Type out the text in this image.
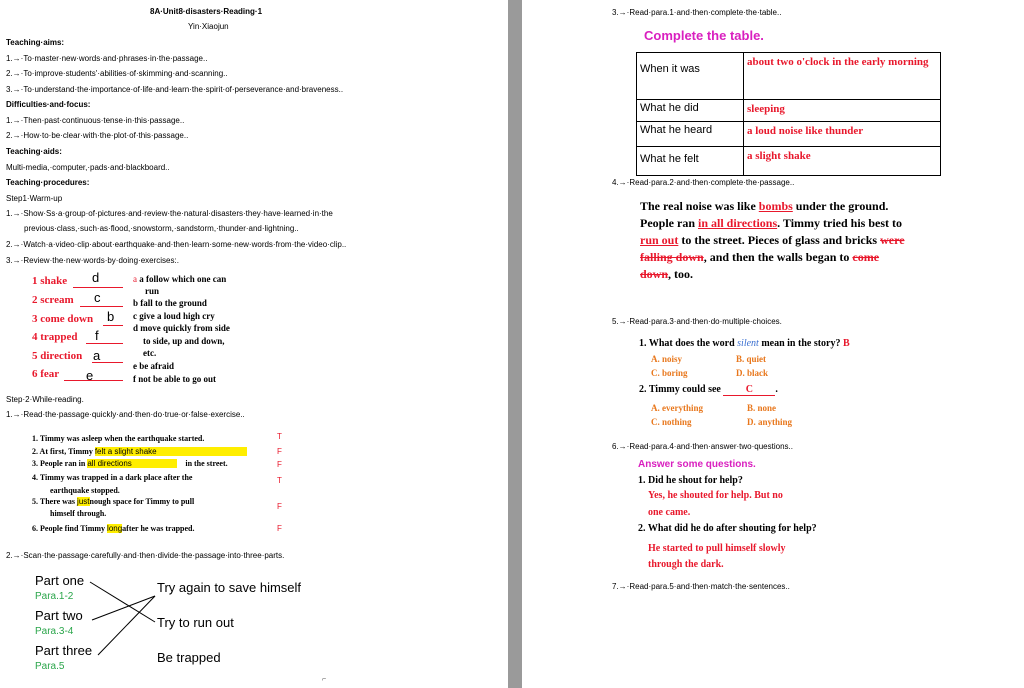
8A·Unit8·disasters·Reading·1
Yin·Xiaojun
Teaching·aims:
1.→·To·master·new·words·and·phrases·in·the·passage..
2.→·To·improve·students'·abilities·of·skimming·and·scanning..
3.→·To·understand·the·importance·of·life·and·learn·the·spirit·of·perseverance·and·braveness..
Difficulties·and·focus:
1.→·Then·past·continuous·tense·in·this·passage..
2.→·How·to·be·clear·with·the·plot·of·this·passage..
Teaching·aids:
Multi-media,·computer,·pads·and·blackboard..
Teaching·procedures:
Step1·Warm-up
1.→·Show·Ss·a·group·of·pictures·and·review·the·natural·disasters·they·have·learned·in·the
previous·class,·such·as·flood,·snowstorm,·sandstorm,·thunder·and·lightning..
2.→·Watch·a·video·clip·about·earthquake·and·then·learn·some·new·words·from·the·video·clip..
3.→·Review·the·new·words·by·doing·exercises:.
1 shake d
2 scream c
3 come down b
4 trapped f
5 direction a
6 fear e
a a follow which one can
run
b fall to the ground
c give a loud high cry
d move quickly from side
to side, up and down,
etc.
e be afraid
f not be able to go out
Step·2·While-reading.
1.→·Read·the·passage·quickly·and·then·do·true·or·false·exercise..
1. Timmy was asleep when the earthquake started.	T
2. At first, Timmy felt a slight shake	F
3. People ran in all directions	in the street.	F
4. Timmy was trapped in a dark place after the	T
earthquake stopped.
5. There was justnough space for Timmy to pull
F
himself through.
6. People find Timmy longafter he was trapped.	F
2.→·Scan·the·passage·carefully·and·then·divide·the·passage·into·three·parts.
Part one
Para.1-2
Part two
Para.3-4
Part three
Para.5
Try again to save himself
Try to run out
Be trapped
⌐
3.→·Read·para.1·and·then·complete·the·table..
Complete the table.
When it was	about two o'clock in the early morning
What he did	sleeping
What he heard	a loud noise like thunder
What he felt	a slight shake
4.→·Read·para.2·and·then·complete·the·passage..
The real noise was like bombs under the ground. People ran in all directions. Timmy tried his best to run out to the street. Pieces of glass and bricks were falling down, and then the walls began to come down, too.
5.→·Read·para.3·and·then·do·multiple·choices.
1. What does the word silent mean in the story? B
A. noisy	B. quiet
C. boring	D. black
2. Timmy could see C .
A. everything	B. none
C. nothing	D. anything
6.→·Read·para.4·and·then·answer·two·questions..
Answer some questions.
1. Did he shout for help?
Yes, he shouted for help. But no
one came.
2. What did he do after shouting for help?
He started to pull himself slowly
through the dark.
7.→·Read·para.5·and·then·match·the·sentences..
